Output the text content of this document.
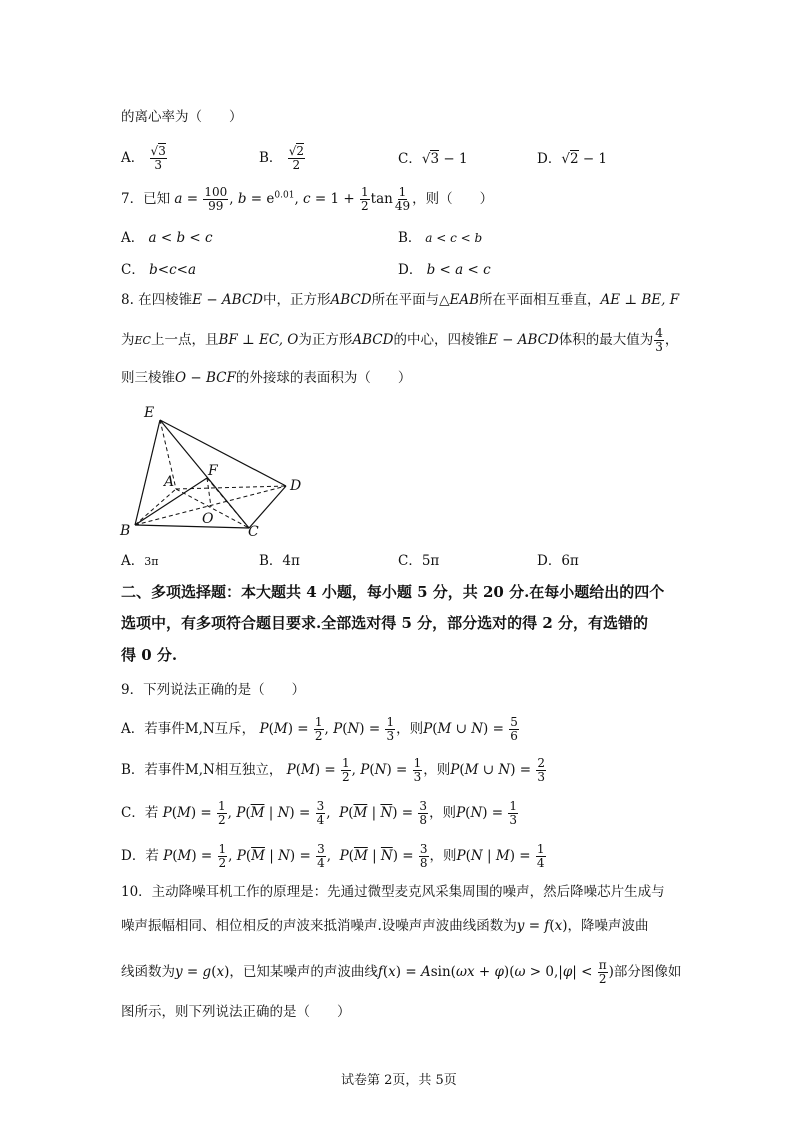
的离心率为（　　）
A． $\frac{√3}{3}$	B． $\frac{√2}{2}$	C．√3 − 1	D．√2 − 1
7．已知 $a = \frac{100}{99}$ , $b = e^{0.01}$, $c = 1 + \frac{1}{2}$ $\tan \frac{1}{49}$ ，则（　　）
A． a < b < c	B． a < c < b
C． b<c<a	D． b < a < c
8. 在四棱锥E − ABCD中，正方形ABCD所在平面与△EAB所在平面相互垂直，AE ⊥ BE, F
为EC上一点，且BF ⊥ EC, O为正方形ABCD的中心，四棱锥E − ABCD体积的最大值为 $\frac{4}{3}$ ，
则三棱锥O − BCF的外接球的表面积为（　　）
E
A
F
D
O
B	C
A．3π	B．4π	C．5π	D．6π
二、多项选择题：本大题共 4 小题，每小题 5 分，共 20 分.在每小题给出的四个
选项中，有多项符合题目要求.全部选对得 5 分，部分选对的得 2 分，有选错的
得 0 分.
9．下列说法正确的是（　　）
A．若事件M,N互斥， $P(M) = \frac{1}{2}$ , $P(N) = \frac{1}{3}$ ，则P(M ∪ $N) = \frac{5}{6}$
B．若事件M,N相互独立， $P(M) = \frac{1}{2}$ , $P(N) = \frac{1}{3}$ ，则P(M ∪ $N) = \frac{2}{3}$
C．若 $P(M) = \frac{1}{2}$ , $P(\overline{M}$ | $N) = \frac{3}{4}$ ,  $P(\overline{M}$ | $\overline{N}) = \frac{3}{8}$ ，则$P(N) = \frac{1}{3}$
D．若 $P(M) = \frac{1}{2}$ , $P(\overline{M}$ | $N) = \frac{3}{4}$ ,  $P(\overline{M}$ | $\overline{N}) = \frac{3}{8}$ ，则P(N | $M) = \frac{1}{4}$
10．主动降噪耳机工作的原理是：先通过微型麦克风采集周围的噪声，然后降噪芯片生成与
噪声振幅相同、相位相反的声波来抵消噪声.设噪声声波曲线函数为y = f(x)，降噪声波曲
线函数为y = g(x)，已知某噪声的声波曲线$f(x) = Asin(\omega x + \varphi)(\omega > 0,|\varphi| < \frac{\pi}{2}$ )部分图像如
图所示，则下列说法正确的是（　　）
试卷第 2页，共 5页
